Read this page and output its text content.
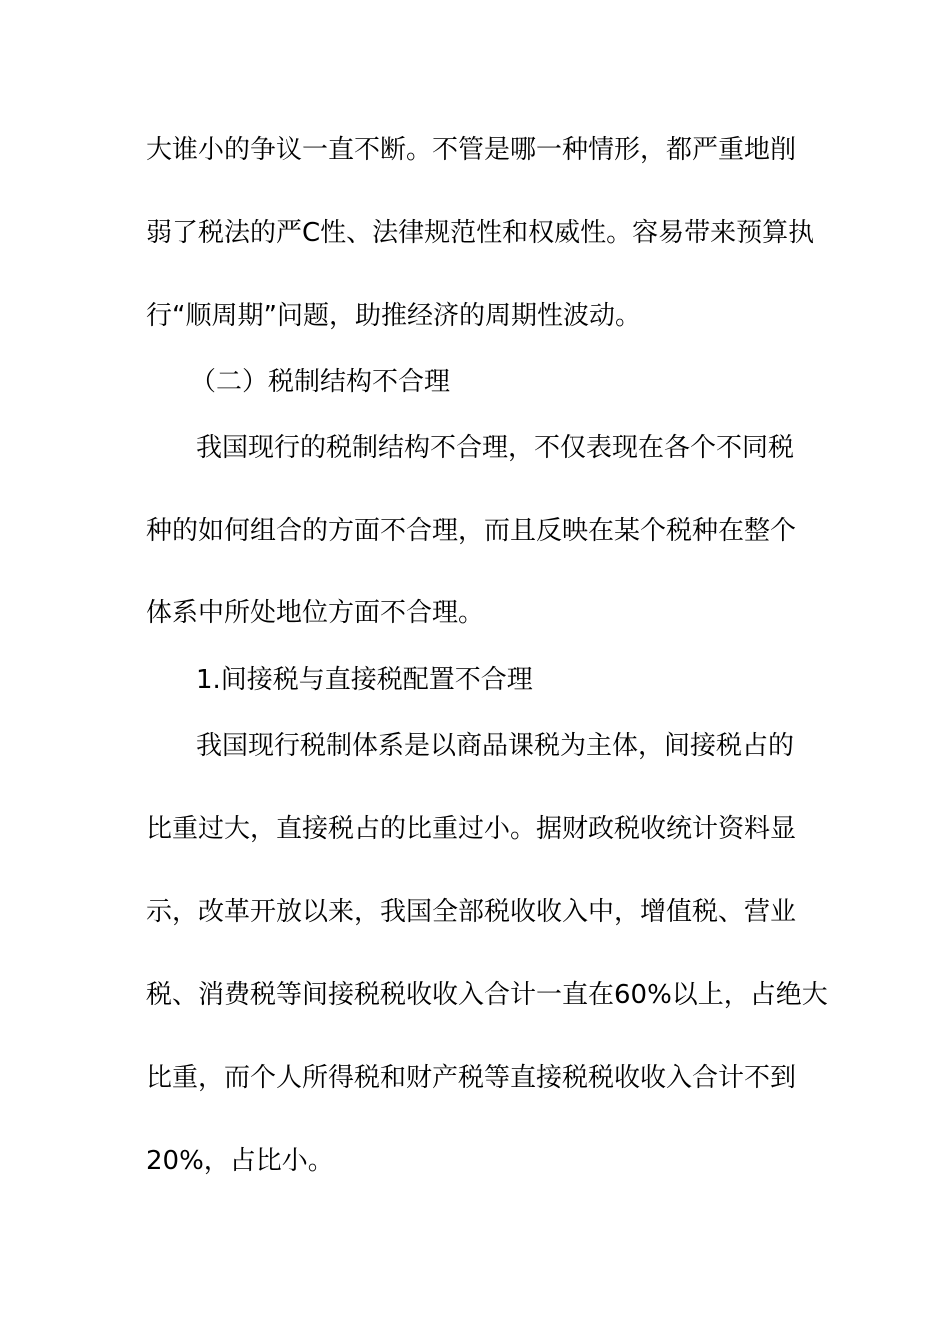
大谁小的争议一直不断。不管是哪一种情形，都严重地削
弱了税法的严C性、法律规范性和权威性。容易带来预算执
行“顺周期”问题，助推经济的周期性波动。
（二）税制结构不合理
我国现行的税制结构不合理，不仅表现在各个不同税
种的如何组合的方面不合理，而且反映在某个税种在整个
体系中所处地位方面不合理。
1.间接税与直接税配置不合理
我国现行税制体系是以商品课税为主体，间接税占的
比重过大，直接税占的比重过小。据财政税收统计资料显
示，改革开放以来，我国全部税收收入中，增值税、营业
税、消费税等间接税税收收入合计一直在60%以上，占绝大
比重，而个人所得税和财产税等直接税税收收入合计不到
20%，占比小。
